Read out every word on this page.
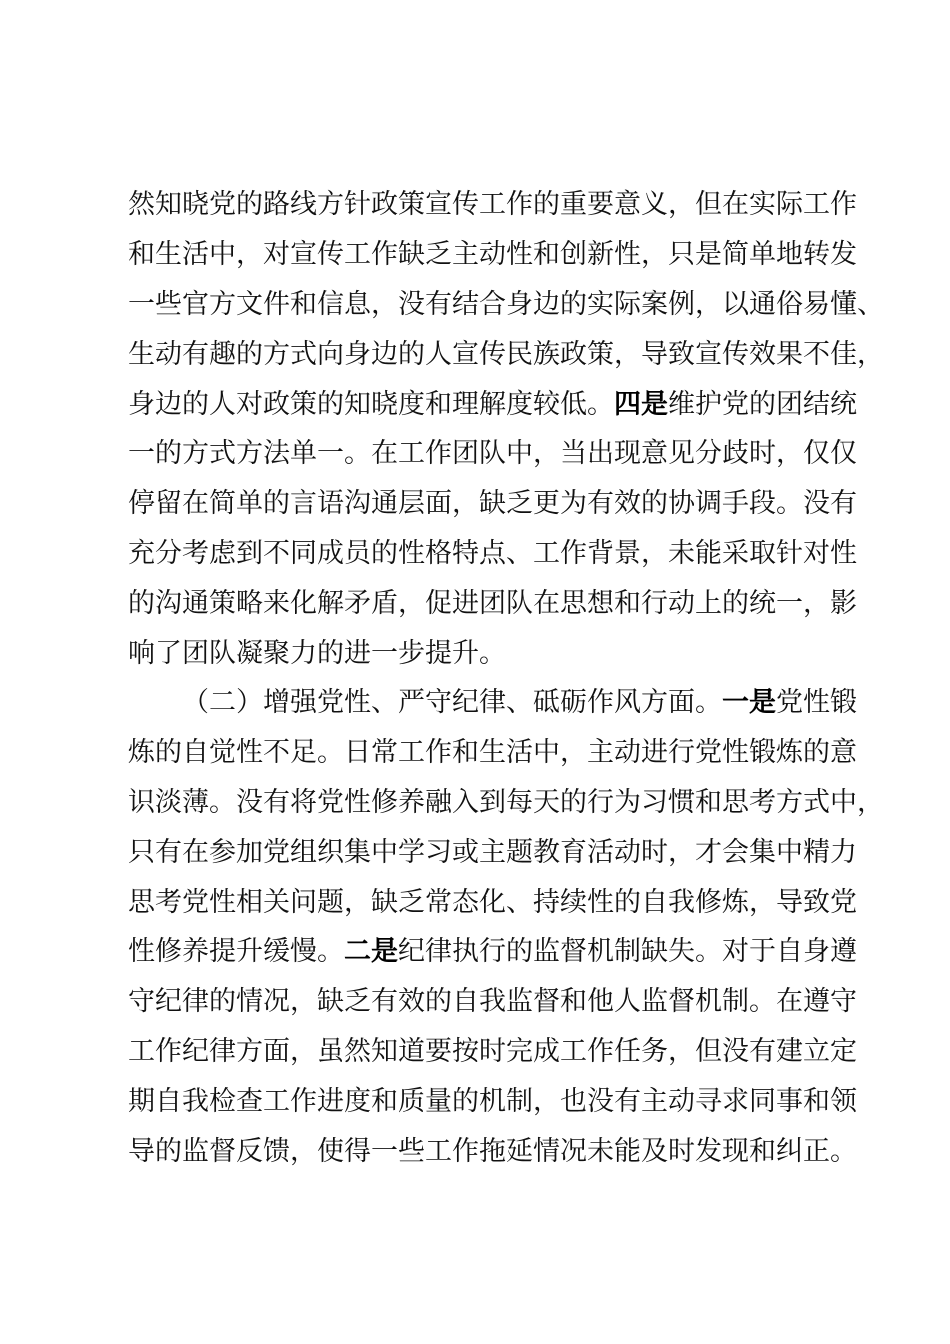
然知晓党的路线方针政策宣传工作的重要意义，但在实际工作
和生活中，对宣传工作缺乏主动性和创新性，只是简单地转发
一些官方文件和信息，没有结合身边的实际案例，以通俗易懂、
生动有趣的方式向身边的人宣传民族政策，导致宣传效果不佳，
身边的人对政策的知晓度和理解度较低。四是维护党的团结统
一的方式方法单一。在工作团队中，当出现意见分歧时，仅仅
停留在简单的言语沟通层面，缺乏更为有效的协调手段。没有
充分考虑到不同成员的性格特点、工作背景，未能采取针对性
的沟通策略来化解矛盾，促进团队在思想和行动上的统一，影
响了团队凝聚力的进一步提升。
（二）增强党性、严守纪律、砥砺作风方面。一是党性锻
炼的自觉性不足。日常工作和生活中，主动进行党性锻炼的意
识淡薄。没有将党性修养融入到每天的行为习惯和思考方式中，
只有在参加党组织集中学习或主题教育活动时，才会集中精力
思考党性相关问题，缺乏常态化、持续性的自我修炼，导致党
性修养提升缓慢。二是纪律执行的监督机制缺失。对于自身遵
守纪律的情况，缺乏有效的自我监督和他人监督机制。在遵守
工作纪律方面，虽然知道要按时完成工作任务，但没有建立定
期自我检查工作进度和质量的机制，也没有主动寻求同事和领
导的监督反馈，使得一些工作拖延情况未能及时发现和纠正。
